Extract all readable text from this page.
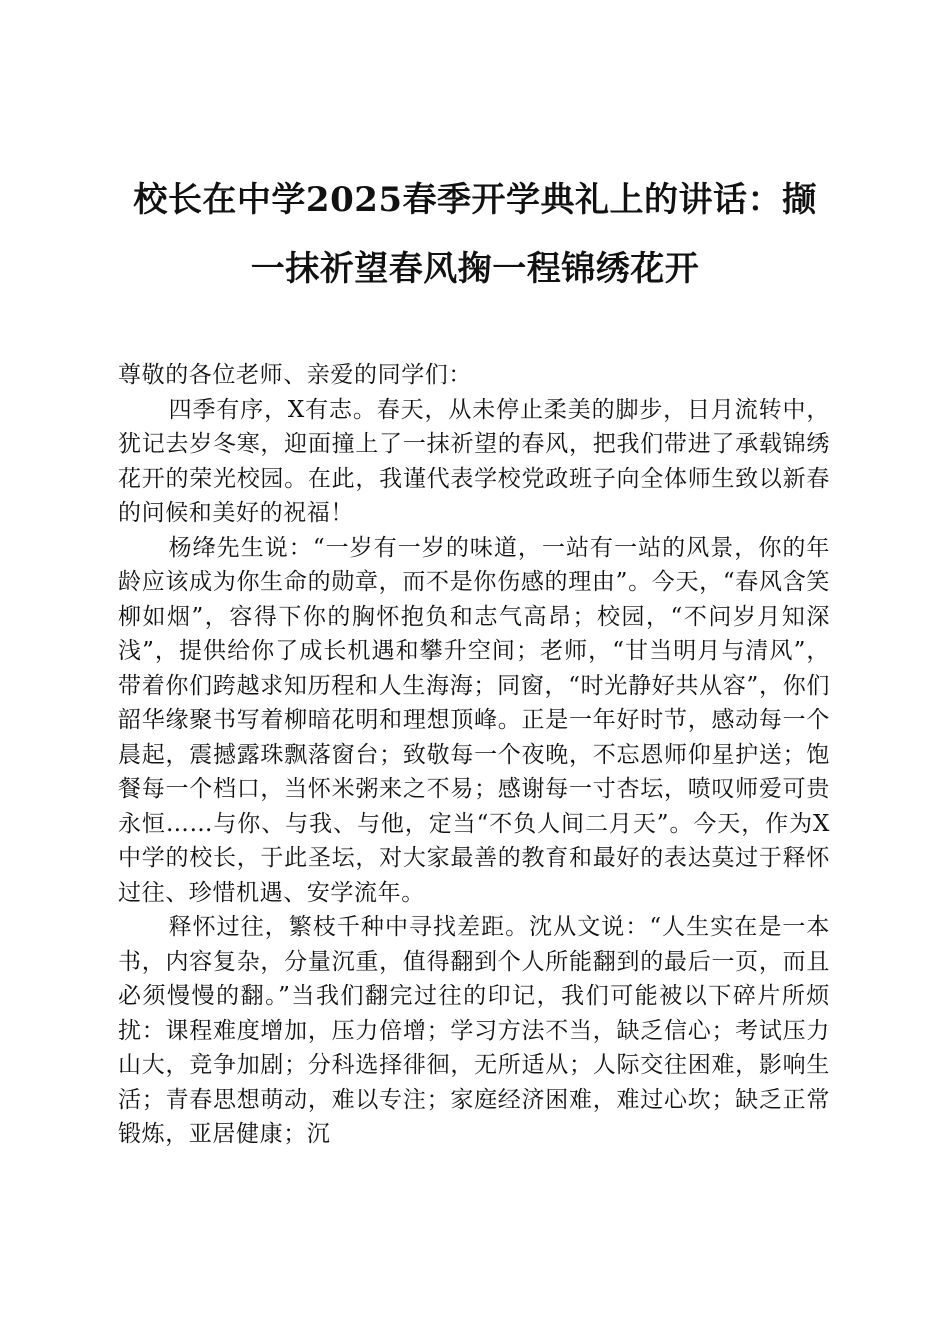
校长在中学2025春季开学典礼上的讲话：撷一抹祈望春风掬一程锦绣花开

尊敬的各位老师、亲爱的同学们：

四季有序，X有志。春天，从未停止柔美的脚步，日月流转中，犹记去岁冬寒，迎面撞上了一抹祈望的春风，把我们带进了承载锦绣花开的荣光校园。在此，我谨代表学校党政班子向全体师生致以新春的问候和美好的祝福！

杨绛先生说：“一岁有一岁的味道，一站有一站的风景，你的年龄应该成为你生命的勋章，而不是你伤感的理由”。今天，“春风含笑柳如烟”，容得下你的胸怀抱负和志气高昂；校园，“不问岁月知深浅”，提供给你了成长机遇和攀升空间；老师，“甘当明月与清风”，带着你们跨越求知历程和人生海海；同窗，“时光静好共从容”，你们韶华缘聚书写着柳暗花明和理想顶峰。正是一年好时节，感动每一个晨起，震撼露珠飘落窗台；致敬每一个夜晚，不忘恩师仰星护送；饱餐每一个档口，当怀米粥来之不易；感谢每一寸杏坛，喷叹师爱可贵永恒……与你、与我、与他，定当“不负人间二月天”。今天，作为X中学的校长，于此圣坛，对大家最善的教育和最好的表达莫过于释怀过往、珍惜机遇、安学流年。

释怀过往，繁枝千种中寻找差距。沈从文说：“人生实在是一本书，内容复杂，分量沉重，值得翻到个人所能翻到的最后一页，而且必须慢慢的翻。”当我们翻完过往的印记，我们可能被以下碎片所烦扰：课程难度增加，压力倍增；学习方法不当，缺乏信心；考试压力山大，竞争加剧；分科选择徘徊，无所适从；人际交往困难，影响生活；青春思想萌动，难以专注；家庭经济困难，难过心坎；缺乏正常锻炼，亚居健康；沉
